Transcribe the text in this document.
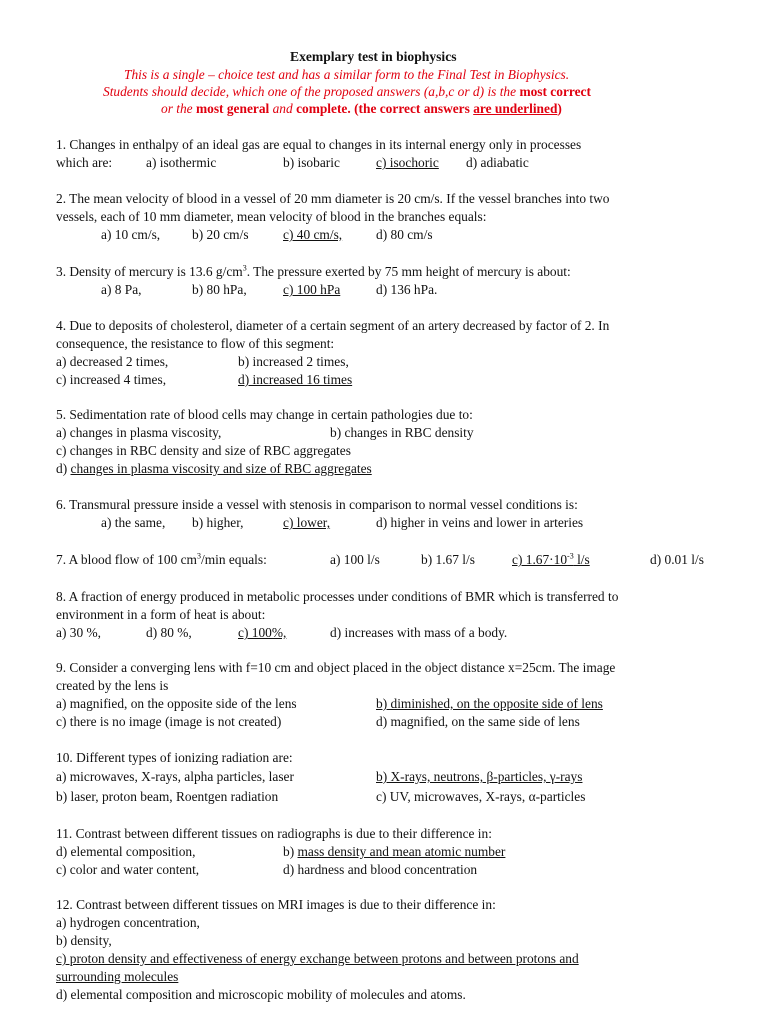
Exemplary test in biophysics
This is a single – choice test and has a similar form to the Final Test in Biophysics.
Students should decide, which one of the proposed answers (a,b,c or d) is the most correct
or the most general and complete. (the correct answers are underlined)
1. Changes in enthalpy of an ideal gas are equal to changes in its internal energy only in processes
which are:	a) isothermic	b) isobaric	c) isochoric d) adiabatic
2. The mean velocity of blood in a vessel of 20 mm diameter is 20 cm/s. If the vessel branches into two
vessels, each of 10 mm diameter, mean velocity of blood in the branches equals:
a) 10 cm/s, b) 20 cm/s	c) 40 cm/s,	d) 80 cm/s
3. Density of mercury is 13.6 $g/cm^3$. The pressure exerted by 75 mm height of mercury is about:
a) 8 Pa,	b) 80 hPa,	c) 100 hPa	d) 136 hPa.
4. Due to deposits of cholesterol, diameter of a certain segment of an artery decreased by factor of 2. In
consequence, the resistance to flow of this segment:
a) decreased 2 times,	b) increased 2 times,
c) increased 4 times,	d) increased 16 times
5. Sedimentation rate of blood cells may change in certain pathologies due to:
a) changes in plasma viscosity,	b) changes in RBC density
c) changes in RBC density and size of RBC aggregates
d) changes in plasma viscosity and size of RBC aggregates
6. Transmural pressure inside a vessel with stenosis in comparison to normal vessel conditions is:
a) the same, b) higher,	c) lower,	d) higher in veins and lower in arteries
7. A blood flow of 100 $cm^3/\min$ equals:	a) 100 l/s	b) 1.67 l/s	c) $1.67\cdot 10^{-3}$ l/s	d) 0.01 l/s
8. A fraction of energy produced in metabolic processes under conditions of BMR which is transferred to
environment in a form of heat is about:
a) 30 %,	d) 80 %,	c) 100%,	d) increases with mass of a body.
9. Consider a converging lens with f=10 cm and object placed in the object distance x=25cm. The image
created by the lens is
a) magnified, on the opposite side of the lens	b) diminished, on the opposite side of lens
c) there is no image (image is not created)	d) magnified, on the same side of lens
10. Different types of ionizing radiation are:
a) microwaves, X-rays, alpha particles, laser	b) X-rays, neutrons, β-particles, γ-rays
b) laser, proton beam, Roentgen radiation	c) UV, microwaves, X-rays, α-particles
11. Contrast between different tissues on radiographs is due to their difference in:
d) elemental composition,	b) mass density and mean atomic number
c) color and water content,	d) hardness and blood concentration
12. Contrast between different tissues on MRI images is due to their difference in:
a) hydrogen concentration,
b) density,
c) proton density and effectiveness of energy exchange between protons and between protons and
surrounding molecules
d) elemental composition and microscopic mobility of molecules and atoms.
